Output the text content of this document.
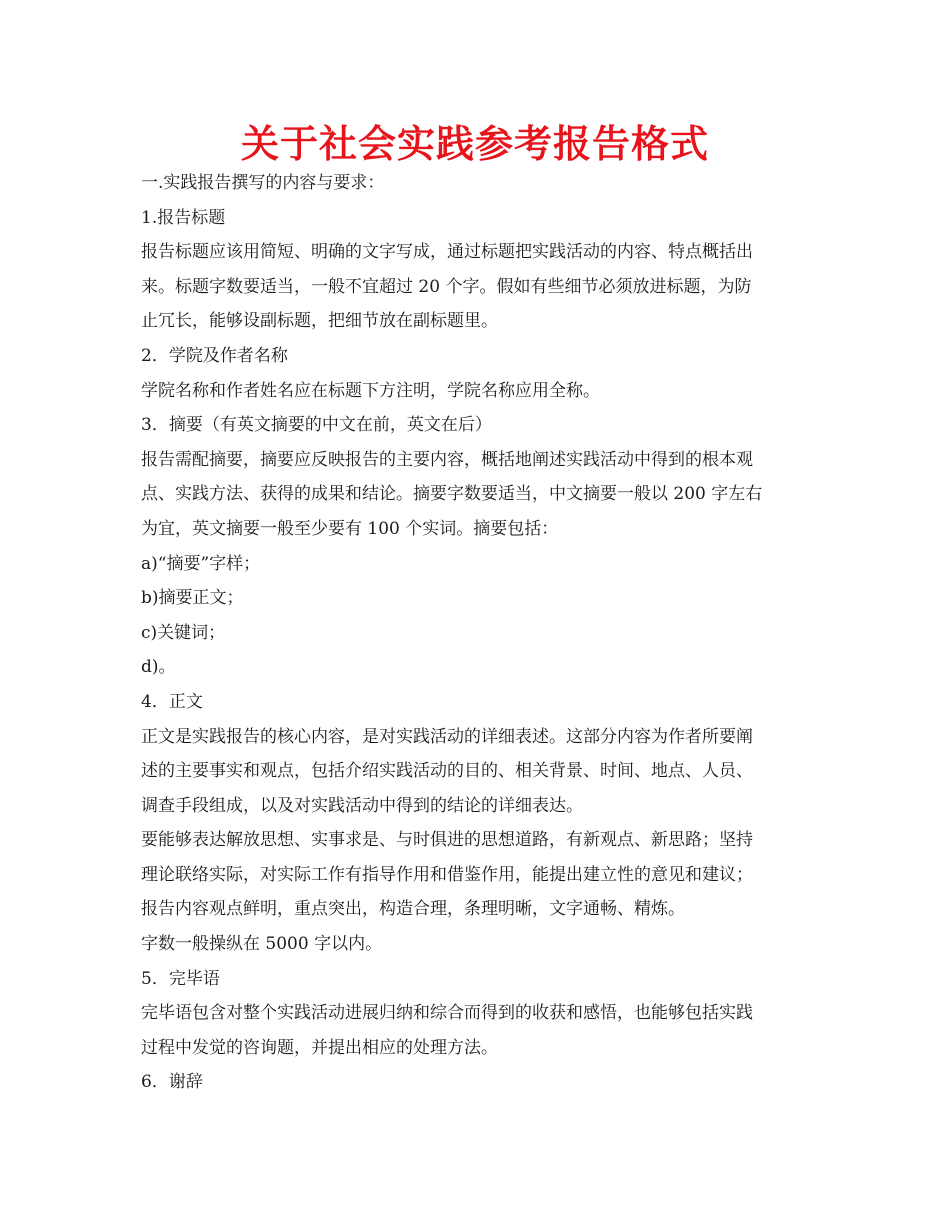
关于社会实践参考报告格式
一.实践报告撰写的内容与要求：
1.报告标题
报告标题应该用简短、明确的文字写成，通过标题把实践活动的内容、特点概括出
来。标题字数要适当，一般不宜超过 20 个字。假如有些细节必须放进标题，为防
止冗长，能够设副标题，把细节放在副标题里。
2．学院及作者名称
学院名称和作者姓名应在标题下方注明，学院名称应用全称。
3．摘要（有英文摘要的中文在前，英文在后）
报告需配摘要，摘要应反映报告的主要内容，概括地阐述实践活动中得到的根本观
点、实践方法、获得的成果和结论。摘要字数要适当，中文摘要一般以 200 字左右
为宜，英文摘要一般至少要有 100 个实词。摘要包括：
a)“摘要”字样；
b)摘要正文；
c)关键词；
d)。
4．正文
正文是实践报告的核心内容，是对实践活动的详细表述。这部分内容为作者所要阐
述的主要事实和观点，包括介绍实践活动的目的、相关背景、时间、地点、人员、
调查手段组成，以及对实践活动中得到的结论的详细表达。
要能够表达解放思想、实事求是、与时俱进的思想道路，有新观点、新思路；坚持
理论联络实际，对实际工作有指导作用和借鉴作用，能提出建立性的意见和建议；
报告内容观点鲜明，重点突出，构造合理，条理明晰，文字通畅、精炼。
字数一般操纵在 5000 字以内。
5．完毕语
完毕语包含对整个实践活动进展归纳和综合而得到的收获和感悟，也能够包括实践
过程中发觉的咨询题，并提出相应的处理方法。
6．谢辞
